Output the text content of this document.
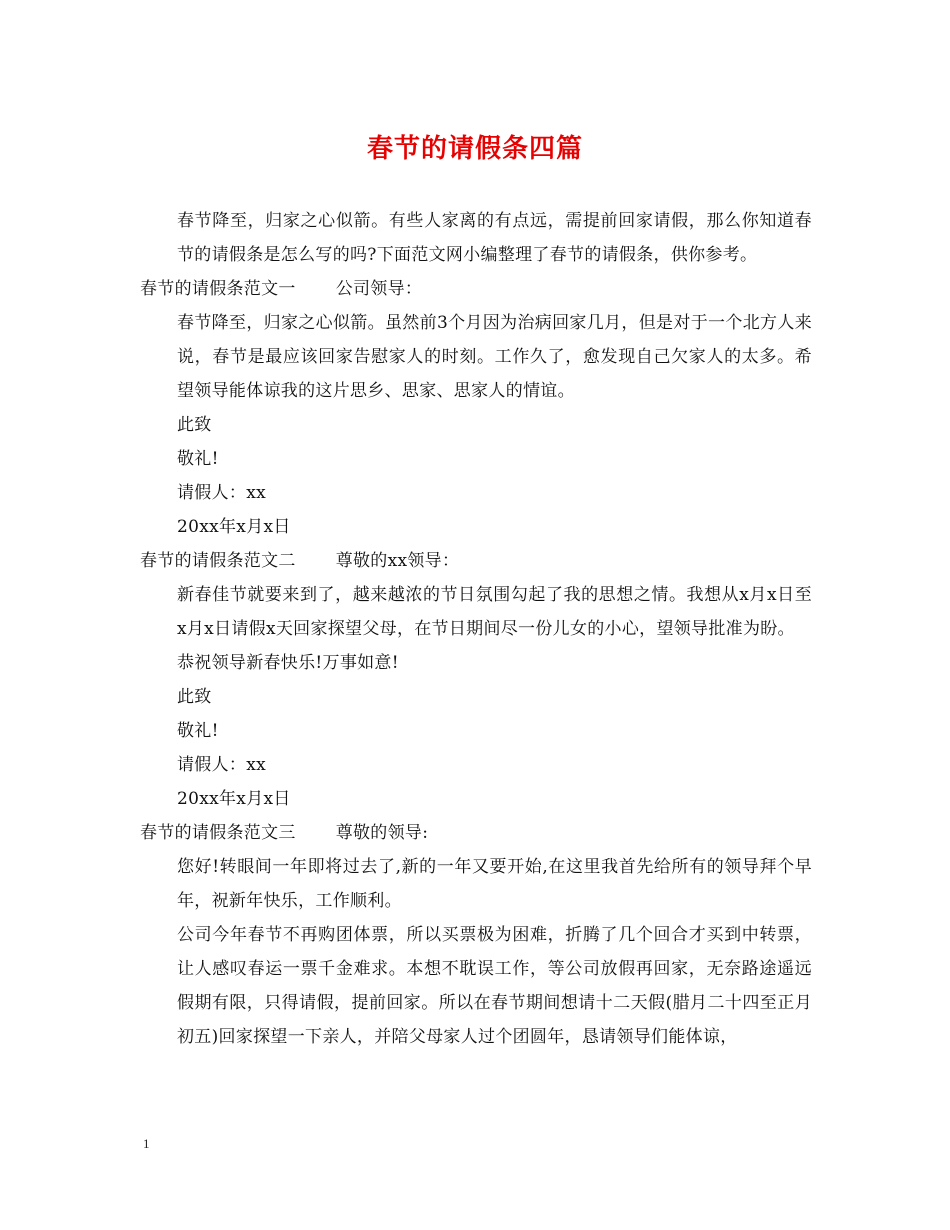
春节的请假条四篇
春节降至，归家之心似箭。有些人家离的有点远，需提前回家请假，那么你知道春节的请假条是怎么写的吗?下面范文网小编整理了春节的请假条，供你参考。
春节的请假条范文一 公司领导：
春节降至，归家之心似箭。虽然前3个月因为治病回家几月，但是对于一个北方人来说，春节是最应该回家告慰家人的时刻。工作久了，愈发现自己欠家人的太多。希望领导能体谅我的这片思乡、思家、思家人的情谊。
此致
敬礼!
请假人：xx
20xx年x月x日
春节的请假条范文二 尊敬的xx领导：
新春佳节就要来到了，越来越浓的节日氛围勾起了我的思想之情。我想从x月x日至x月x日请假x天回家探望父母，在节日期间尽一份儿女的小心，望领导批准为盼。
恭祝领导新春快乐!万事如意!
此致
敬礼!
请假人：xx
20xx年x月x日
春节的请假条范文三 尊敬的领导:
您好!转眼间一年即将过去了,新的一年又要开始,在这里我首先给所有的领导拜个早年，祝新年快乐，工作顺利。
公司今年春节不再购团体票，所以买票极为困难，折腾了几个回合才买到中转票，让人感叹春运一票千金难求。本想不耽误工作，等公司放假再回家，无奈路途遥远假期有限，只得请假，提前回家。所以在春节期间想请十二天假(腊月二十四至正月初五)回家探望一下亲人，并陪父母家人过个团圆年，恳请领导们能体谅，
1
